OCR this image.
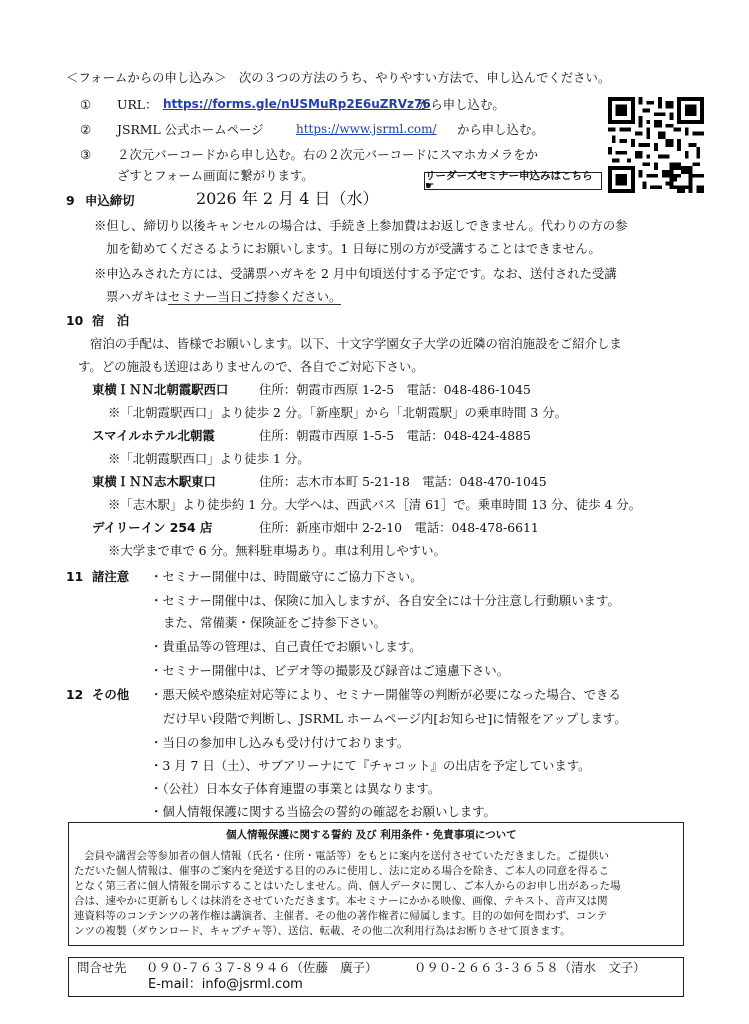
＜フォームからの申し込み＞　次の３つの方法のうち、やりやすい方法で、申し込んでください。
① URL： https://forms.gle/nUSMuRp2E6uZRVz76
から申し込む。
② JSRML 公式ホームページ	https://www.jsrml.com/ から申し込む。
③ ２次元バーコードから申し込む。右の２次元バーコードにスマホカメラをか
ざすとフォーム画面に繋がります。	リーダーズセミナー申込みはこちら ☛
9 申込締切	2026 年 2 月 4 日（水）
※但し、締切り以後キャンセルの場合は、手続き上参加費はお返しできません。代わりの方の参
加を勧めてくださるようにお願いします。1 日毎に別の方が受講することはできません。
※申込みされた方には、受講票ハガキを 2 月中旬頃送付する予定です。なお、送付された受講
票ハガキはセミナー当日ご持参ください。
10 宿　泊
宿泊の手配は、皆様でお願いします。以下、十文字学園女子大学の近隣の宿泊施設をご紹介しま
す。どの施設も送迎はありませんので、各自でご対応下さい。
東横ＩＮＮ北朝霞駅西口 住所：朝霞市西原 1-2-5　電話：048-486-1045
※「北朝霞駅西口」より徒歩 2 分。「新座駅」から「北朝霞駅」の乗車時間 3 分。
スマイルホテル北朝霞	住所：朝霞市西原 1-5-5　電話：048-424-4885
※「北朝霞駅西口」より徒歩 1 分。
東横ＩＮＮ志木駅東口	住所：志木市本町 5-21-18　電話：048-470-1045
※「志木駅」より徒歩約 1 分。大学へは、西武バス［清 61］で。乗車時間 13 分、徒歩 4 分。
デイリーイン 254 店	住所：新座市畑中 2-2-10　電話：048-478-6611
※大学まで車で 6 分。無料駐車場あり。車は利用しやすい。
11 諸注意 ・セミナー開催中は、時間厳守にご協力下さい。
・セミナー開催中は、保険に加入しますが、各自安全には十分注意し行動願います。
また、常備薬・保険証をご持参下さい。
・貴重品等の管理は、自己責任でお願いします。
・セミナー開催中は、ビデオ等の撮影及び録音はご遠慮下さい。
12 その他 ・悪天候や感染症対応等により、セミナー開催等の判断が必要になった場合、できる
だけ早い段階で判断し、JSRML ホームページ内[お知らせ]に情報をアップします。
・当日の参加申し込みも受け付けております。
・3 月 7 日（土）、サブアリーナにて『チャコット』の出店を予定しています。
・（公社）日本女子体育連盟の事業とは異なります。
・個人情報保護に関する当協会の誓約の確認をお願いします。
個人情報保護に関する誓約 及び 利用条件・免責事項について
会員や講習会等参加者の個人情報（氏名・住所・電話等）をもとに案内を送付させていただきました。ご提供い
ただいた個人情報は、催事のご案内を発送する目的のみに使用し、法に定める場合を除き、ご本人の同意を得るこ
となく第三者に個人情報を開示することはいたしません。尚、個人データに関し、ご本人からのお申し出があった場
合は、速やかに更新もしくは抹消をさせていただきます。本セミナーにかかる映像、画像、テキスト、音声又は関
連資料等のコンテンツの著作権は講演者、主催者、その他の著作権者に帰属します。目的の如何を問わず、コンテ
ンツの複製（ダウンロード、キャプチャ等）、送信、転載、その他二次利用行為はお断りさせて頂きます。
問合せ先 ０９０-７６３７-８９４６（佐藤　廣子）	０９０-２６６３-３６５８（清水　文子）
E-mail：info@jsrml.com
